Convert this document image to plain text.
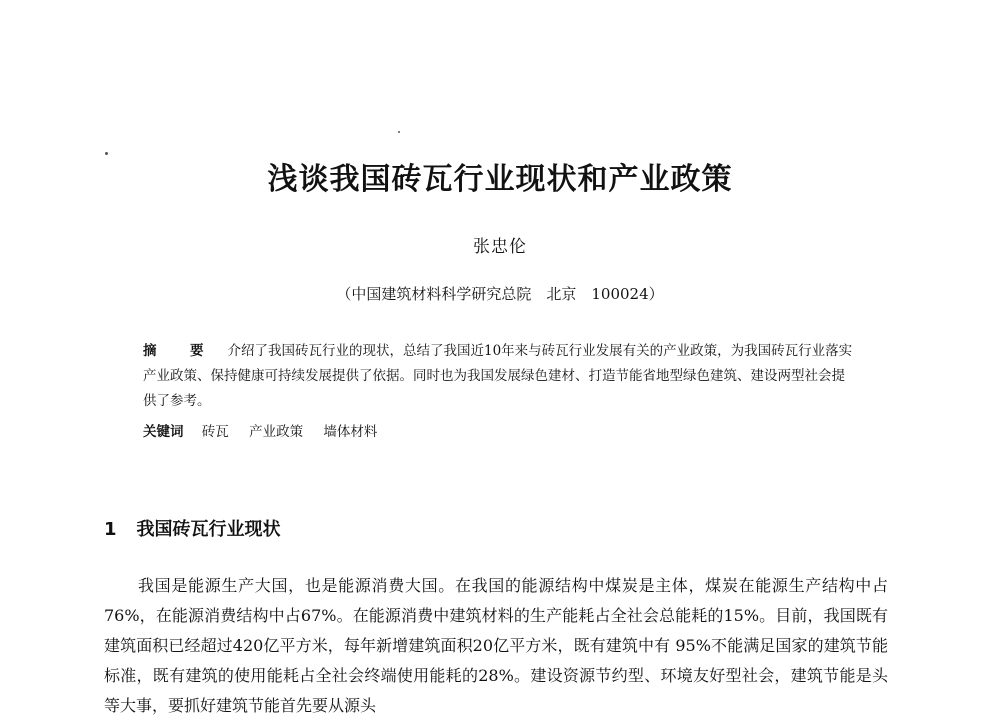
浅谈我国砖瓦行业现状和产业政策
张忠伦
（中国建筑材料科学研究总院　北京　100024）
摘　要 介绍了我国砖瓦行业的现状，总结了我国近10年来与砖瓦行业发展有关的产业政策，为我国砖瓦行业落实产业政策、保持健康可持续发展提供了依据。同时也为我国发展绿色建材、打造节能省地型绿色建筑、建设两型社会提供了参考。
关键词 砖瓦 产业政策 墙体材料
1 我国砖瓦行业现状
我国是能源生产大国，也是能源消费大国。在我国的能源结构中煤炭是主体，煤炭在能源生产结构中占76%，在能源消费结构中占67%。在能源消费中建筑材料的生产能耗占全社会总能耗的15%。目前，我国既有建筑面积已经超过420亿平方米，每年新增建筑面积20亿平方米，既有建筑中有 95%不能满足国家的建筑节能标准，既有建筑的使用能耗占全社会终端使用能耗的28%。建设资源节约型、环境友好型社会，建筑节能是头等大事，要抓好建筑节能首先要从源头
